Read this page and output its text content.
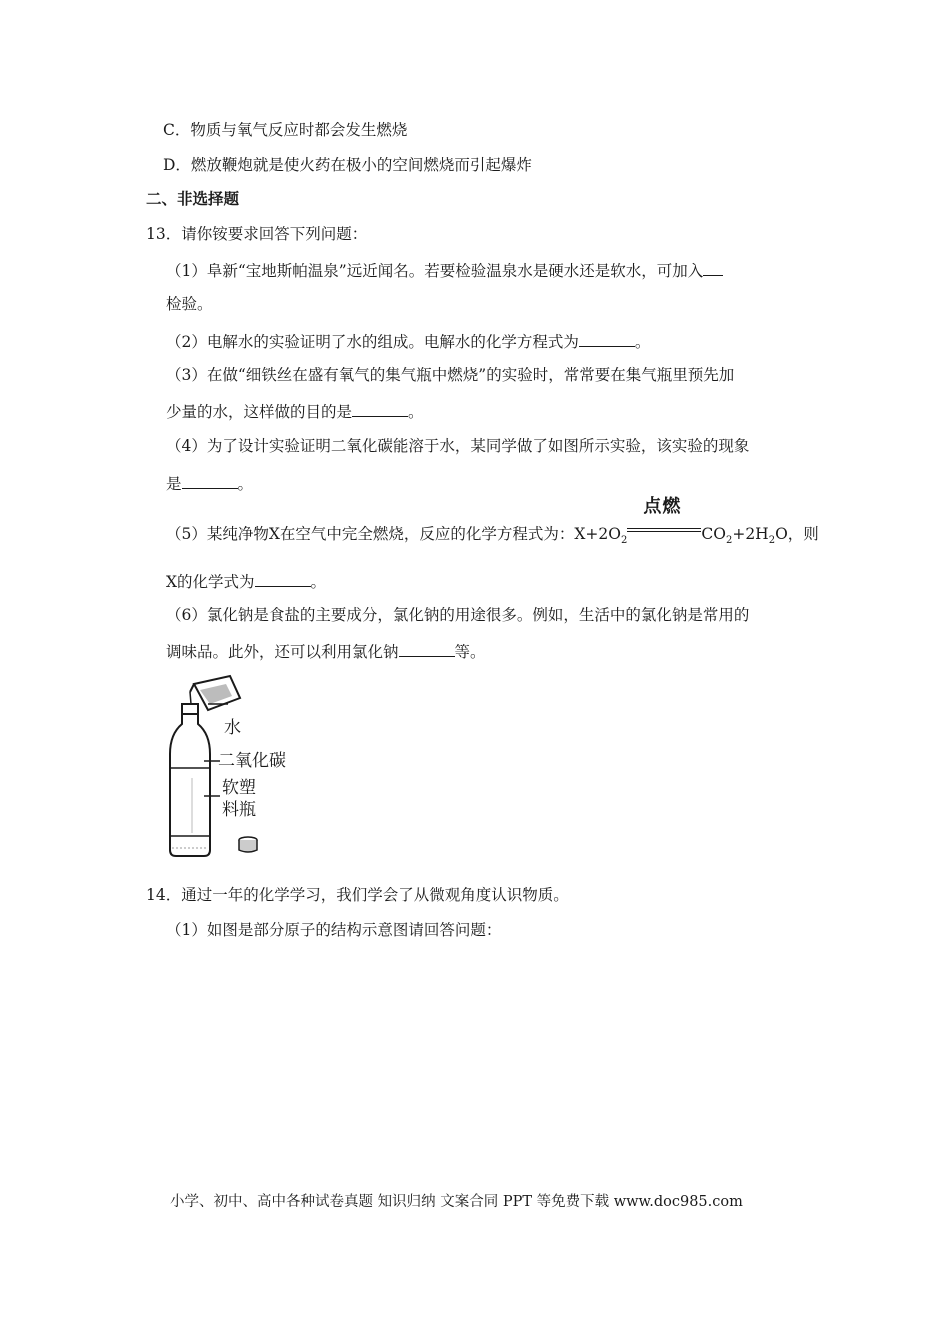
C．物质与氧气反应时都会发生燃烧
D．燃放鞭炮就是使火药在极小的空间燃烧而引起爆炸
二、非选择题
13．请你铵要求回答下列问题：
（1）阜新“宝地斯帕温泉”远近闻名。若要检验温泉水是硬水还是软水，可加入
检验。
（2）电解水的实验证明了水的组成。电解水的化学方程式为	。
（3）在做“细铁丝在盛有氧气的集气瓶中燃烧”的实验时，常常要在集气瓶里预先加
少量的水，这样做的目的是	。
（4）为了设计实验证明二氧化碳能溶于水，某同学做了如图所示实验，该实验的现象
是	。
（5）某纯净物X在空气中完全燃烧，反应的化学方程式为：$X+2O_2$
点燃
$CO_2+2H_2O$，则
X的化学式为	。
（6）氯化钠是食盐的主要成分，氯化钠的用途很多。例如，生活中的氯化钠是常用的
调味品。此外，还可以利用氯化钠	等。
水
二氧化碳
软塑
料瓶
14．通过一年的化学学习，我们学会了从微观角度认识物质。
（1）如图是部分原子的结构示意图请回答问题：
小学、初中、高中各种试卷真题 知识归纳 文案合同 PPT 等免费下载 www.doc985.com
